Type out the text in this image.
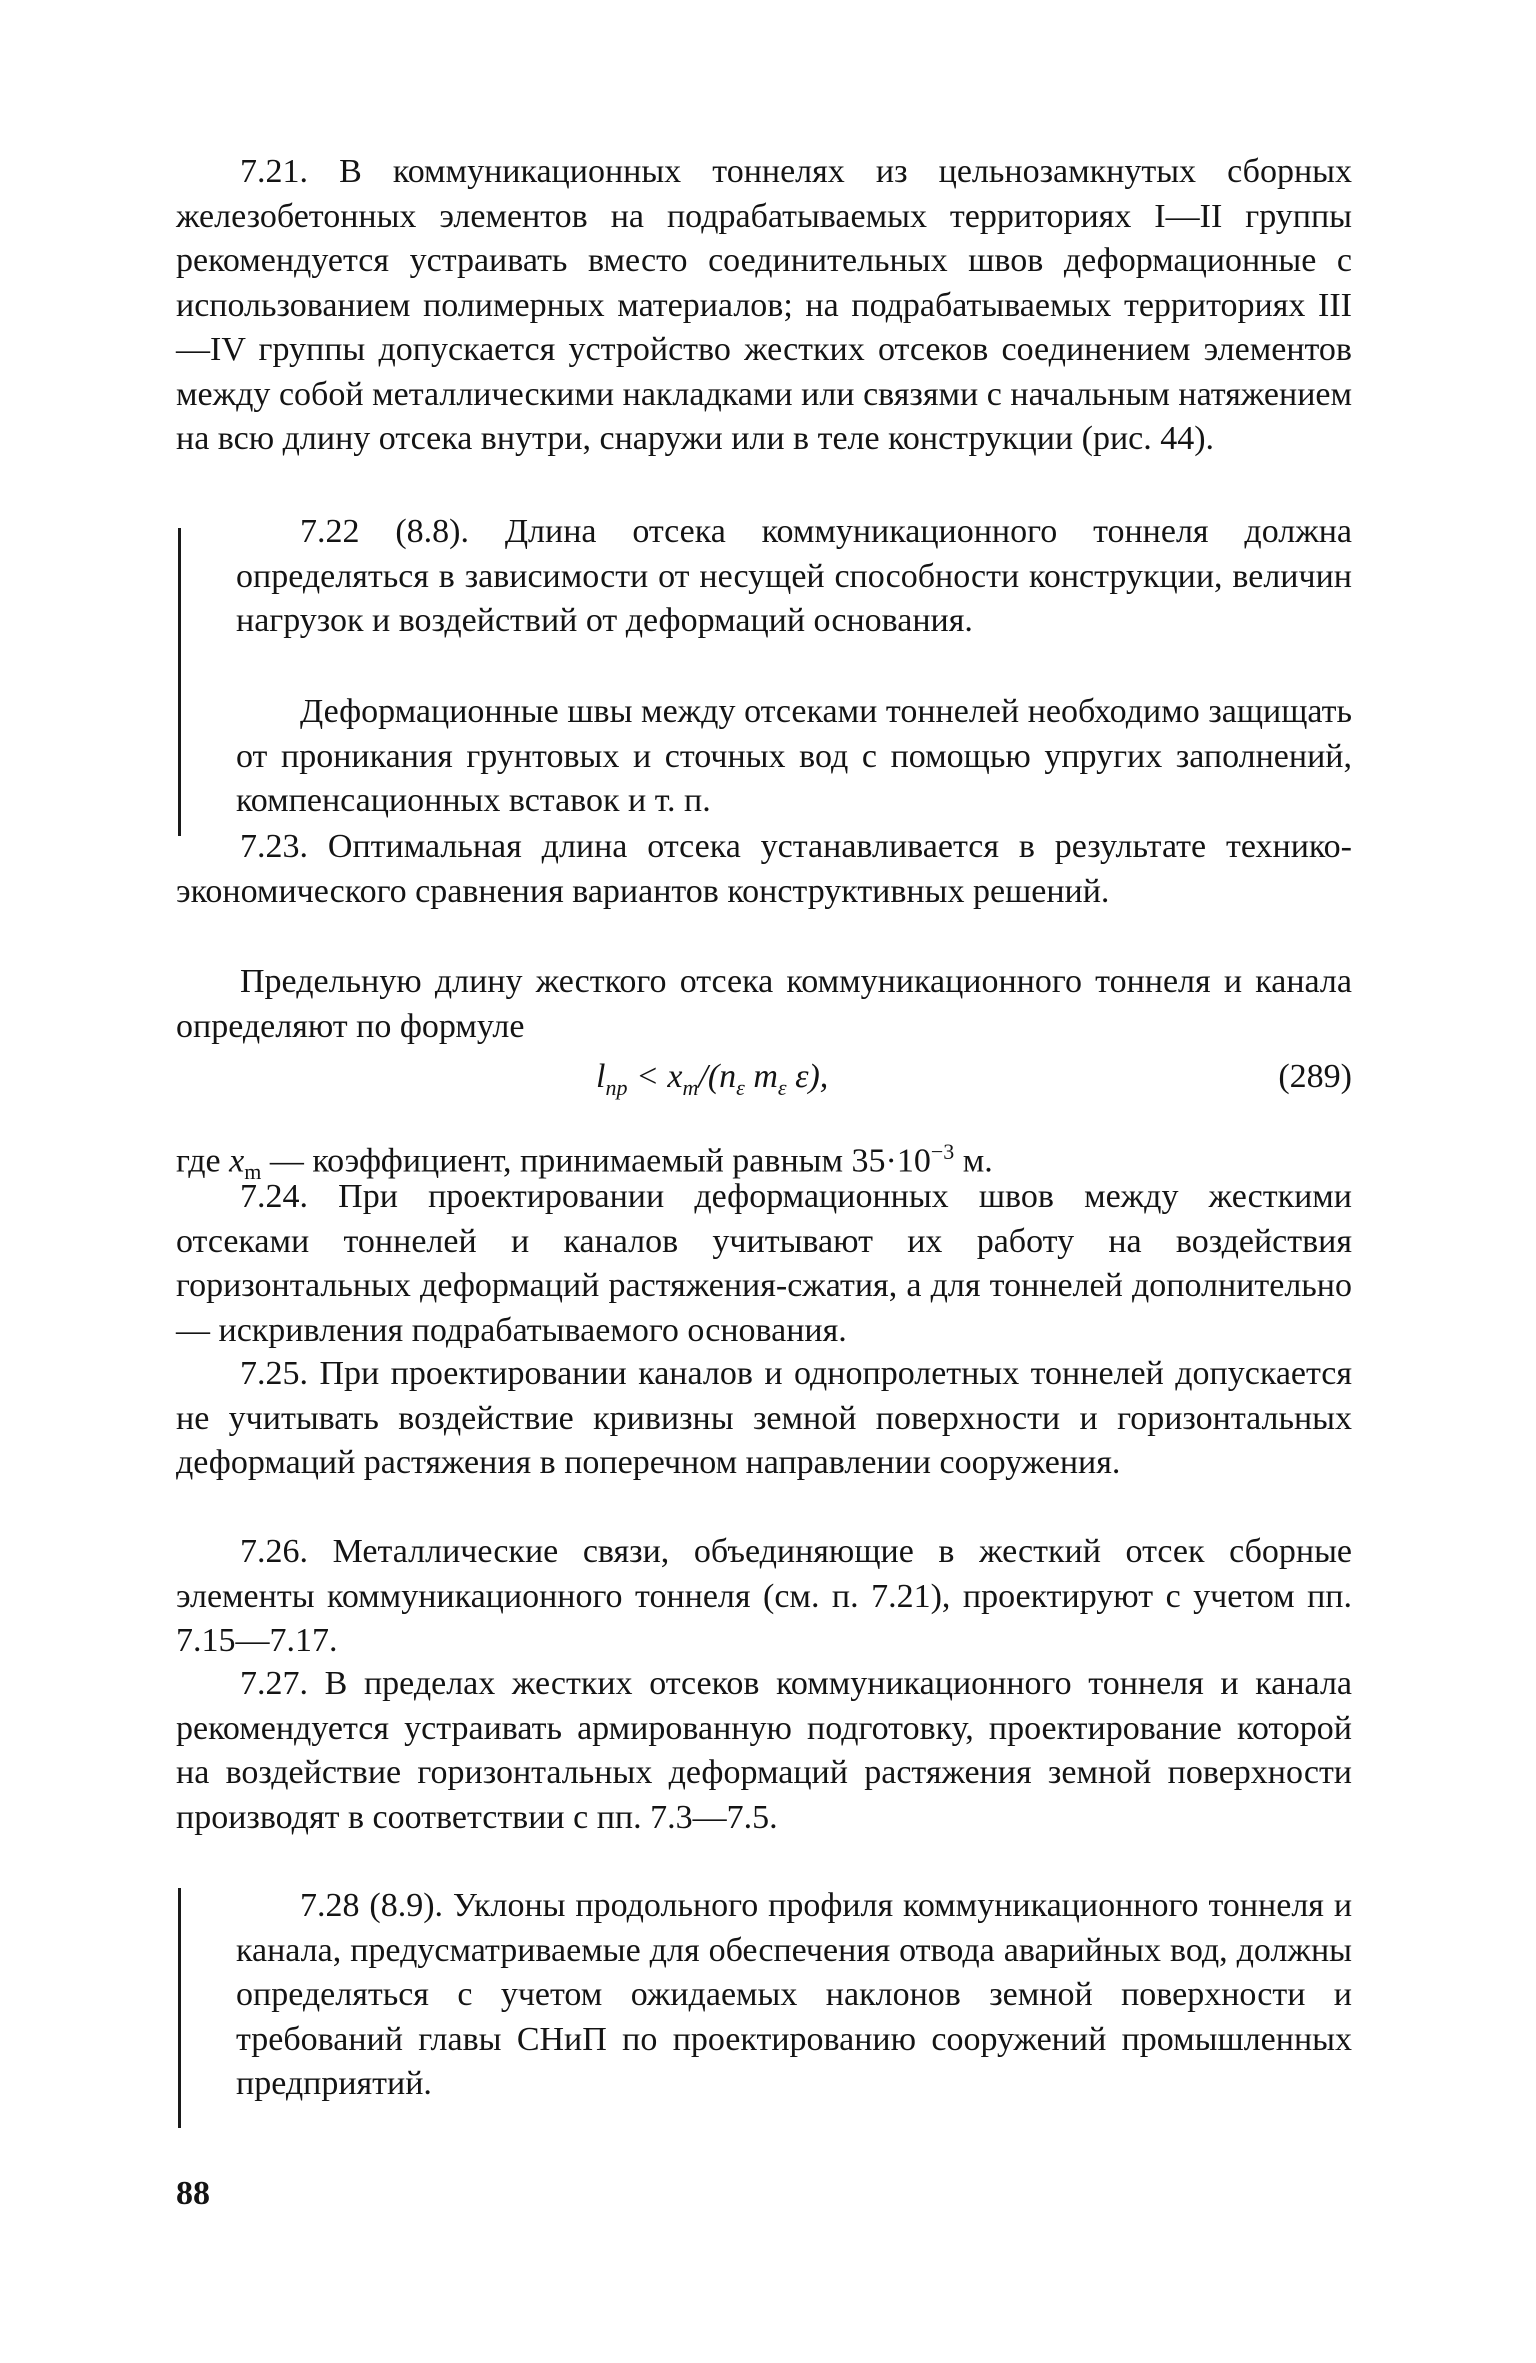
7.21. В коммуникационных тоннелях из цельнозамкнутых сборных железобетонных элементов на подрабатываемых территориях I—II группы рекомендуется устраивать вместо соединительных швов деформационные с использованием полимерных материалов; на подрабатываемых территориях III—IV группы допускается устройство жестких отсеков соединением элементов между собой металлическими накладками или связями с начальным натяжением на всю длину отсека внутри, снаружи или в теле конструкции (рис. 44).

7.22 (8.8). Длина отсека коммуникационного тоннеля должна определяться в зависимости от несущей способности конструкции, величин нагрузок и воздействий от деформаций основания.

Деформационные швы между отсеками тоннелей необходимо защищать от проникания грунтовых и сточных вод с помощью упругих заполнений, компенсационных вставок и т. п.

7.23. Оптимальная длина отсека устанавливается в результате технико-экономического сравнения вариантов конструктивных решений.

Предельную длину жесткого отсека коммуникационного тоннеля и канала определяют по формуле

$l_{пр} < x_m/(n_\varepsilon$ $m_\varepsilon$ ε),	(289)

где $x_m$ — коэффициент, принимаемый равным $35\cdot 10^{-3}$ м.

7.24. При проектировании деформационных швов между жесткими отсеками тоннелей и каналов учитывают их работу на воздействия горизонтальных деформаций растяжения-сжатия, а для тоннелей дополнительно — искривления подрабатываемого основания.

7.25. При проектировании каналов и однопролетных тоннелей допускается не учитывать воздействие кривизны земной поверхности и горизонтальных деформаций растяжения в поперечном направлении сооружения.

7.26. Металлические связи, объединяющие в жесткий отсек сборные элементы коммуникационного тоннеля (см. п. 7.21), проектируют с учетом пп. 7.15—7.17.

7.27. В пределах жестких отсеков коммуникационного тоннеля и канала рекомендуется устраивать армированную подготовку, проектирование которой на воздействие горизонтальных деформаций растяжения земной поверхности производят в соответствии с пп. 7.3—7.5.

7.28 (8.9). Уклоны продольного профиля коммуникационного тоннеля и канала, предусматриваемые для обеспечения отвода аварийных вод, должны определяться с учетом ожидаемых наклонов земной поверхности и требований главы СНиП по проектированию сооружений промышленных предприятий.

88
